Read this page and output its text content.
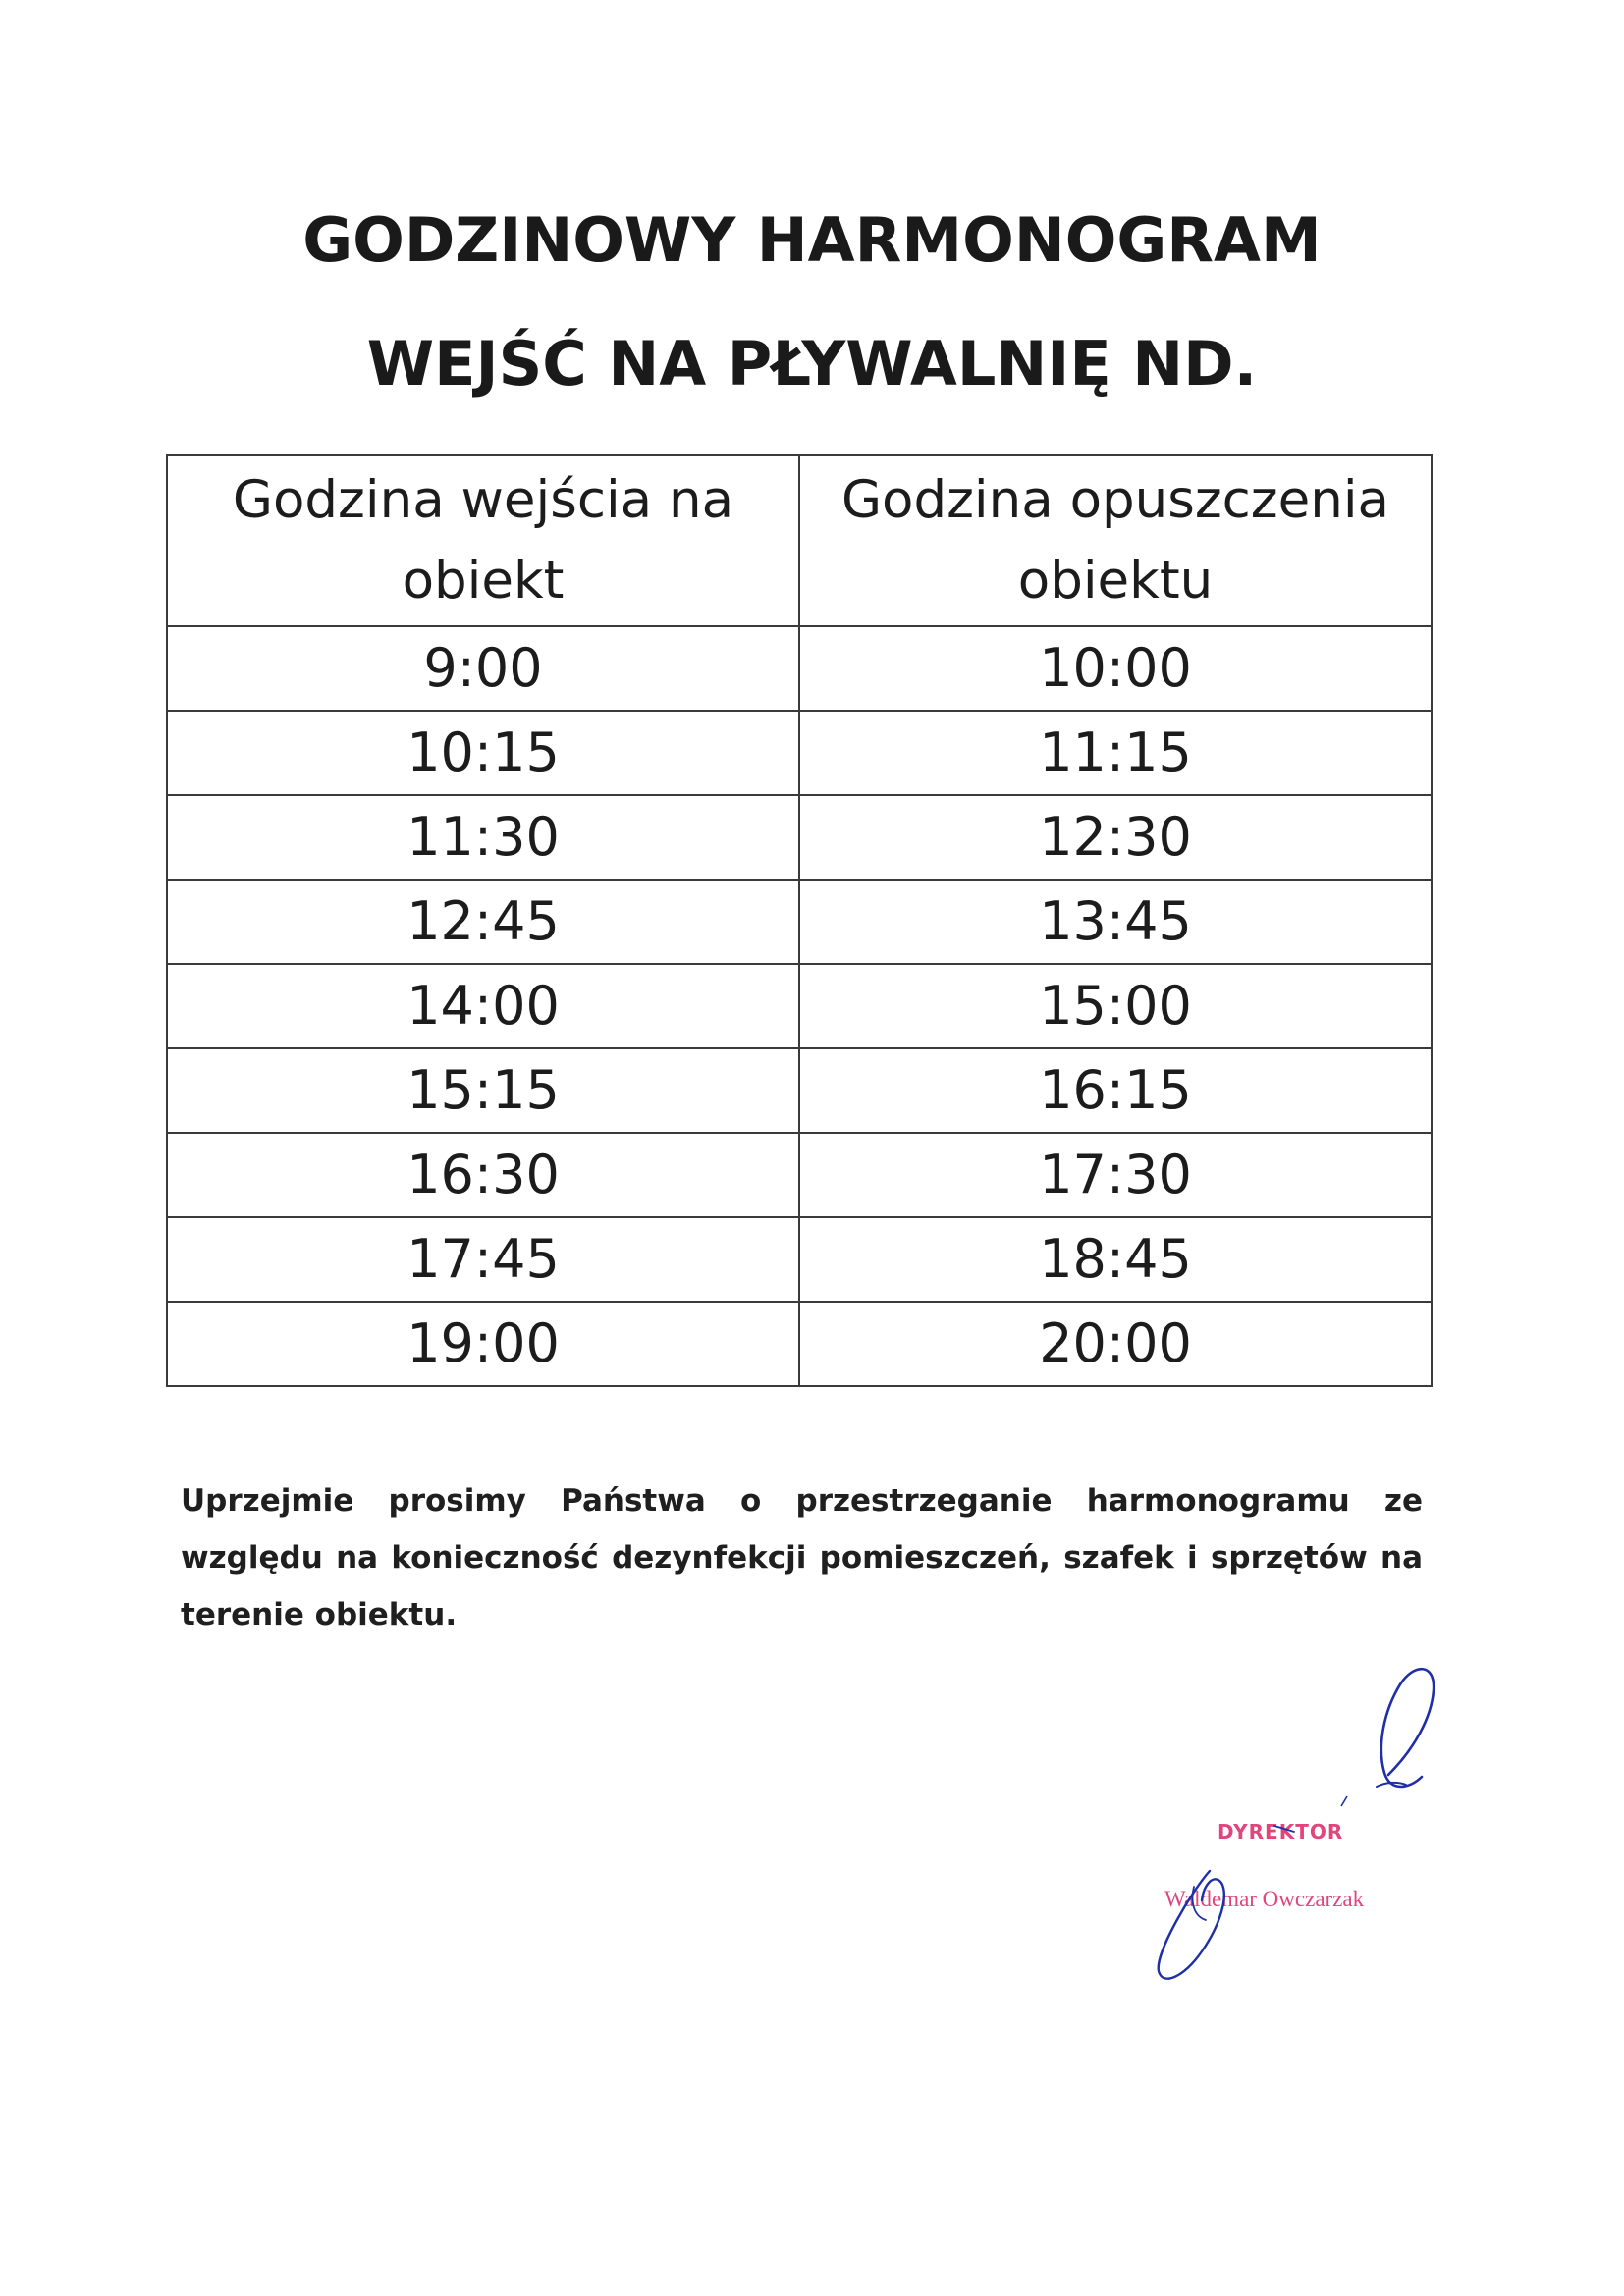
GODZINOWY HARMONOGRAM
WEJŚĆ NA PŁYWALNIĘ ND.
Godzina wejścia na obiekt	Godzina opuszczenia obiektu
9:00	10:00
10:15	11:15
11:30	12:30
12:45	13:45
14:00	15:00
15:15	16:15
16:30	17:30
17:45	18:45
19:00	20:00

Uprzejmie prosimy Państwa o przestrzeganie harmonogramu ze względu na konieczność dezynfekcji pomieszczeń, szafek i sprzętów na terenie obiektu.

DYREKTOR
Waldemar Owczarzak
